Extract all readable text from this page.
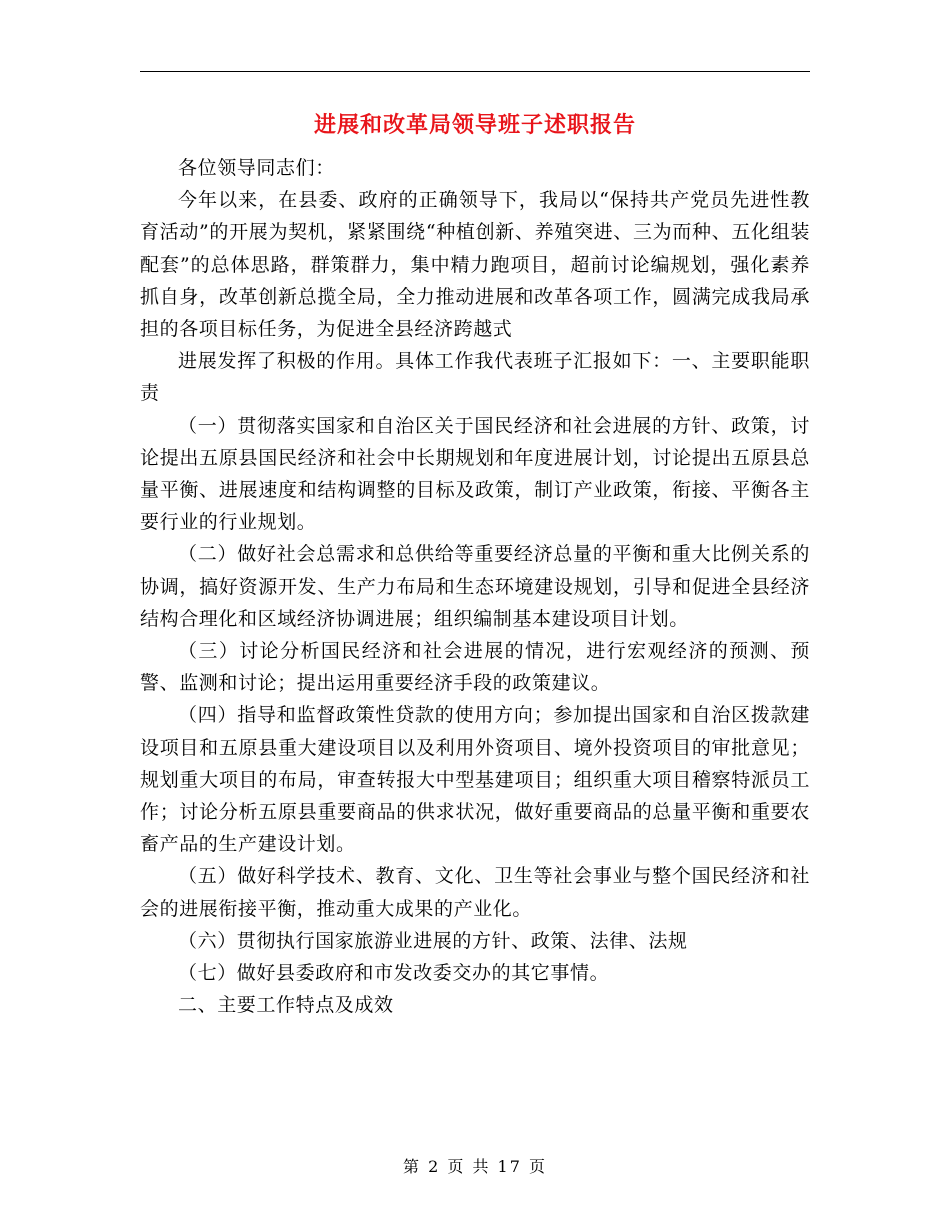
进展和改革局领导班子述职报告

各位领导同志们：

今年以来，在县委、政府的正确领导下，我局以“保持共产党员先进性教育活动”的开展为契机，紧紧围绕“种植创新、养殖突进、三为而种、五化组装配套”的总体思路，群策群力，集中精力跑项目，超前讨论编规划，强化素养抓自身，改革创新总揽全局，全力推动进展和改革各项工作，圆满完成我局承担的各项目标任务，为促进全县经济跨越式

进展发挥了积极的作用。具体工作我代表班子汇报如下：一、主要职能职责

（一）贯彻落实国家和自治区关于国民经济和社会进展的方针、政策，讨论提出五原县国民经济和社会中长期规划和年度进展计划，讨论提出五原县总量平衡、进展速度和结构调整的目标及政策，制订产业政策，衔接、平衡各主要行业的行业规划。

（二）做好社会总需求和总供给等重要经济总量的平衡和重大比例关系的协调，搞好资源开发、生产力布局和生态环境建设规划，引导和促进全县经济结构合理化和区域经济协调进展；组织编制基本建设项目计划。

（三）讨论分析国民经济和社会进展的情况，进行宏观经济的预测、预警、监测和讨论；提出运用重要经济手段的政策建议。

（四）指导和监督政策性贷款的使用方向；参加提出国家和自治区拨款建设项目和五原县重大建设项目以及利用外资项目、境外投资项目的审批意见；规划重大项目的布局，审查转报大中型基建项目；组织重大项目稽察特派员工作；讨论分析五原县重要商品的供求状况，做好重要商品的总量平衡和重要农畜产品的生产建设计划。

（五）做好科学技术、教育、文化、卫生等社会事业与整个国民经济和社会的进展衔接平衡，推动重大成果的产业化。

（六）贯彻执行国家旅游业进展的方针、政策、法律、法规

（七）做好县委政府和市发改委交办的其它事情。

二、主要工作特点及成效

第 2 页 共 17 页
